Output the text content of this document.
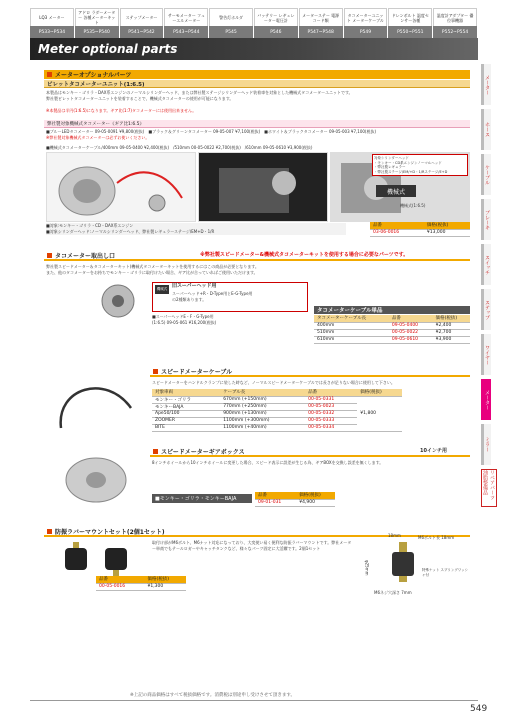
LQ3 メーター
P533~P534
アドロ ラダーメーター 各種メーターキット
P535~P540
ステップメーター
P541~P542
サーモメーター フューエルメーター
P543~P544
警告灯ホルダ
P545
バッテリー レギュレーター電圧計
P546
メーターステー 電源コード類
P547~P548
タコメーターユニット メーターケーブル
P549
ドレンボルト 温度センサー各種
P550~P551
温度計アダプター 優位事機器
P552~P554
Meter optional parts
メーター
ホース
ケーブル
ブレーキ
スイッチ
ステップ
ワイヤー
メーター
ミラー
リペアパーツ 油脂整備品
メーターオプショナルパーツ
ビレットタコメーターユニット(1:6.5)
本製品はモンキー・ゴリラ・DAX系エンジンのノーマルシリンダーヘッド、または弊社製ステージシリンダーヘッド装着車を対象とした機械式タコメーターユニットです。
弊社製ビレットタコメーターユニットを装着することで、機械式タコメーターの使用が可能になります。
※本製品は半円(1:6.5)になります。ギア比(1:7)タコメーターには使用出来ません。
弊社製対象機械式タコメーター《ギア比1:6.5》
■ブルーLEDタコメーター 09-05-0091 ¥9,800(税抜)　■ブラック＆グリーンタコメーター 09-05-007 ¥7,100(税抜)　■ホワイト＆ブラックタコメーター 09-05-003 ¥7,100(税抜)
※弊社製対象機械式タコメーターは必ずお使いください。
■機械式タコメーターケーブル/400mm 09-05-0400 ¥2,400(税抜)　/510mm 00-05-0022 ¥2,700(税抜)　/610mm 09-05-0610 ¥3,900(税抜)
対象シリンダーヘッド
・モンキー・CD系エンジンノーマルヘッド
・弊社製レギュラー
・弊社製ステージ/EM/+D・1/Rステージ/E+D
機械式
機械式(1:6.5)
■対象:モンキー・ゴリラ・CD・DAX系エンジン
■対象シリンダーヘッド:ノーマルシリンダーヘッド、弊社製レギュラーステージ/EM+D・1/R
品番	価格(税抜)
03-06-0016	¥13,000
タコメーター取出し口	※弊社製スピードメーター&機械式タコメーターキットを使用する場合に必要なパーツです。
弊社製スピードメーター＆タコメーターキット(機械式タコメーターキットを使用するにはこの商品が必要となります。
また、他のタコメーターをお持ちでモンキー・ゴリラに取付けたい場合、ギア比が合っていればご使用いただけます。
機械式 旧スーパーヘッド用
スーパーヘッド+R・D-Type用とE-G-Type用
の2種類あります。
■スーパーヘッドE・F・G-Type用
(1:6.5) 09-05-061 ¥16,200(税抜)
タコメーターケーブル単品
タコメーターケーブル長	品番	価格(税抜)
400mm	09-05-0400	¥2,400
510mm	00-05-0022	¥2,700
610mm	09-05-0610	¥3,900
スピードメーターケーブル
スピードメーターをハンドルクランプに装した時など、ノーマルスピードメーターケーブルでは長さが足りない場合に使用して下さい。
対象車両	ケーブル長	品番	価格(税抜)
モンキー・ゴリラ	670mm (+150mm)	00-05-0331	¥1,800
モンキーBAJA	770mm (+250mm)	00-05-0023	
Ape50/100	900mm (+130mm)	00-05-0332	
ZOOMER	1100mm (+300mm)	00-05-0333	
BITE	1100mm (+40mm)	00-05-0334	
スピードメーターギアボックス	10インチ用
8インチホイールから10インチホイールに変更した場合、スピード表示に誤差が生じる為、ギアBOXを交換し誤差を無くします。
■モンキー・ゴリラ・モンキーBAJA
品番	価格(税抜)
09-01-031	¥4,900
防振ラバーマウントセット(2個1セット)
取付け部がM6ボルト、M6ナット対応になっており、大変使い易く便利な防振ラバーマウントです。弊社メーター単商でもテールロガーやキャッチタンクなど、様々なパーツ固定に大活躍です。2個1セット
品番	価格(税抜)
00-05-0016	¥1,300
18mm	M6ボルト長 18mm
φ25mm
M6ネジ穴深さ 7mm
特殊ナット スプリングワッシャ付
※上記の商品価格はすべて税抜価格です。消費税は別途申し受けさせて頂きます。
549
